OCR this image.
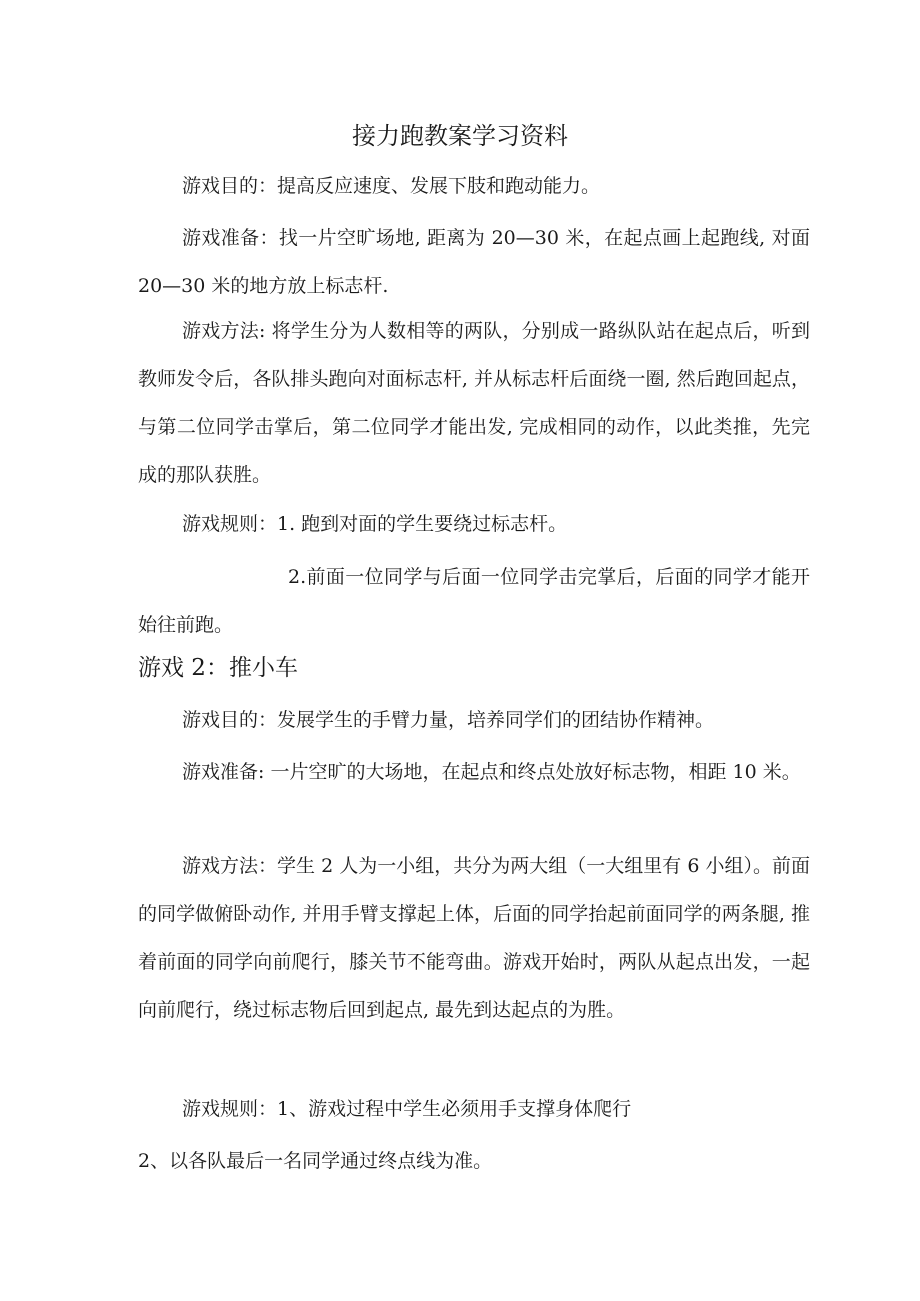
接力跑教案学习资料

游戏目的：提高反应速度、发展下肢和跑动能力。

游戏准备：找一片空旷场地, 距离为 20—30 米，在起点画上起跑线, 对面 20—30 米的地方放上标志杆.

游戏方法: 将学生分为人数相等的两队，分别成一路纵队站在起点后，听到教师发令后，各队排头跑向对面标志杆, 并从标志杆后面绕一圈, 然后跑回起点，与第二位同学击掌后，第二位同学才能出发, 完成相同的动作，以此类推，先完成的那队获胜。

游戏规则：1. 跑到对面的学生要绕过标志杆。

2.前面一位同学与后面一位同学击完掌后，后面的同学才能开始往前跑。

游戏 2：推小车

游戏目的：发展学生的手臂力量，培养同学们的团结协作精神。

游戏准备: 一片空旷的大场地，在起点和终点处放好标志物，相距 10 米。

游戏方法：学生 2 人为一小组，共分为两大组（一大组里有 6 小组）。前面的同学做俯卧动作, 并用手臂支撑起上体，后面的同学抬起前面同学的两条腿, 推着前面的同学向前爬行，膝关节不能弯曲。游戏开始时，两队从起点出发，一起向前爬行，绕过标志物后回到起点, 最先到达起点的为胜。

游戏规则：1、游戏过程中学生必须用手支撑身体爬行

2、以各队最后一名同学通过终点线为准。
